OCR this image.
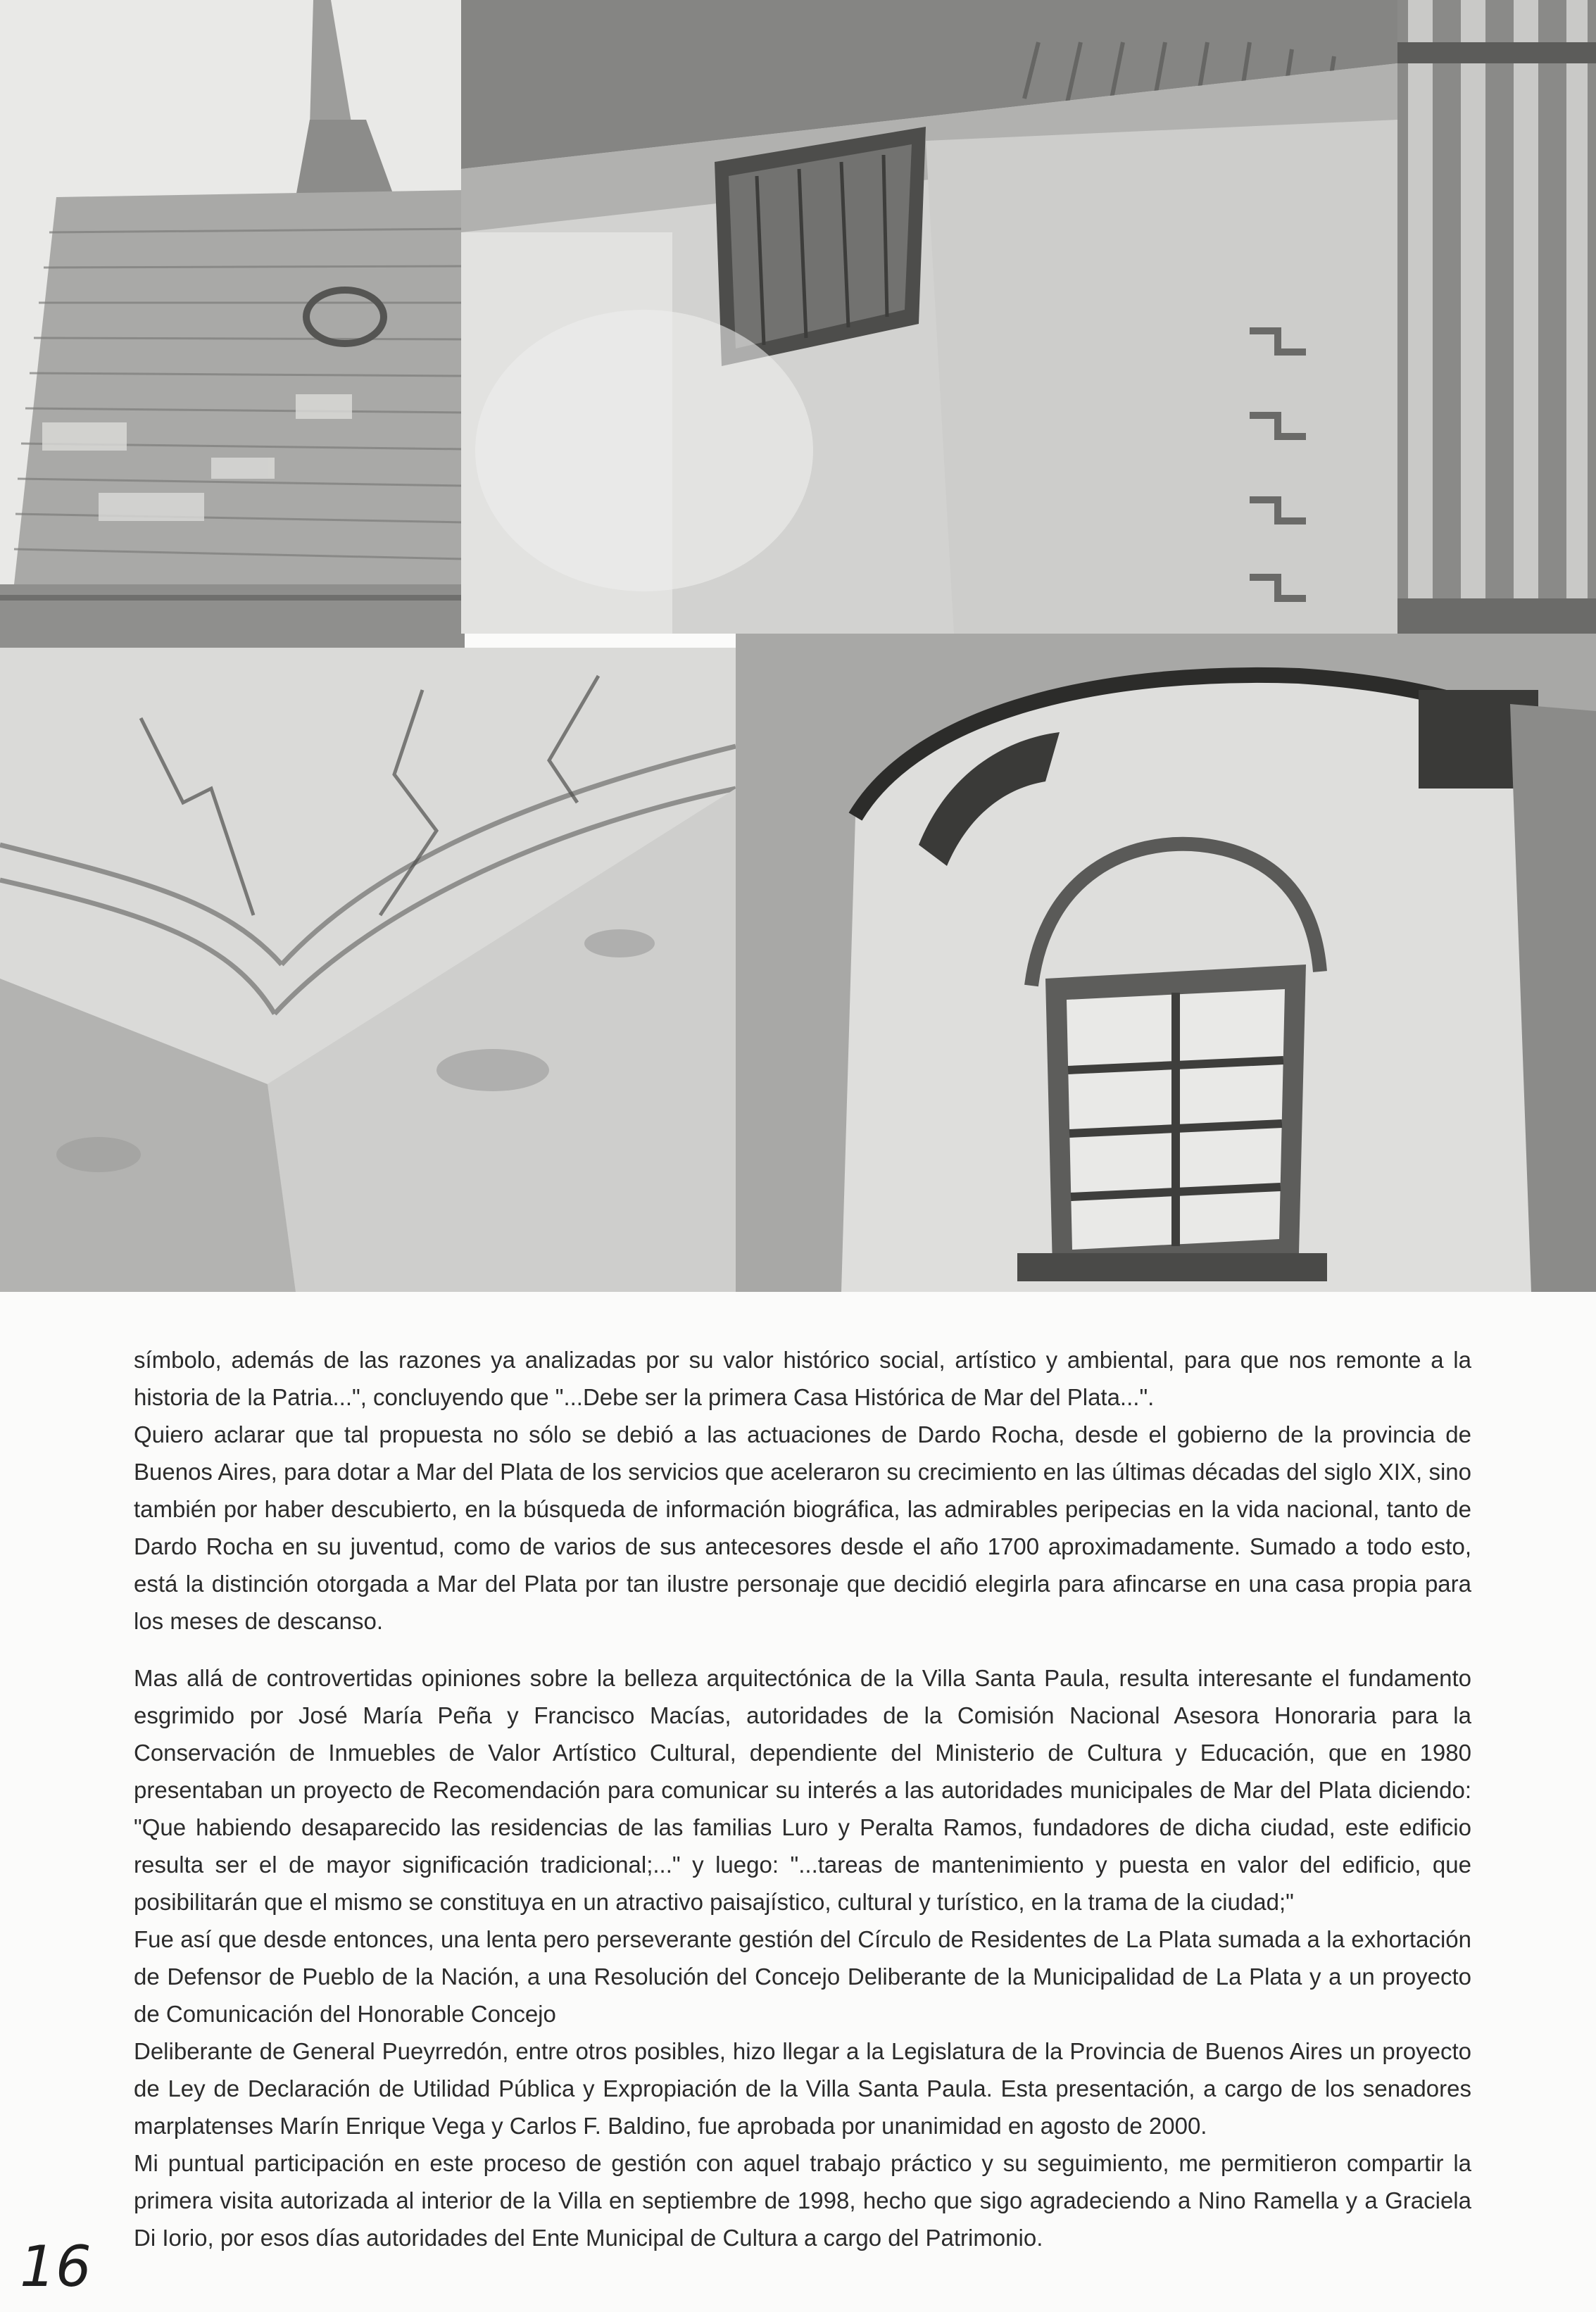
símbolo, además de las razones ya analizadas por su valor histórico social, artístico y ambiental, para que nos remonte a la historia de la Patria...", concluyendo que "...Debe ser la primera Casa Histórica de Mar del Plata...".

Quiero aclarar que tal propuesta no sólo se debió a las actuaciones de Dardo Rocha, desde el gobierno de la provincia de Buenos Aires, para dotar a Mar del Plata de los servicios que aceleraron su crecimiento en las últimas décadas del siglo XIX, sino también por haber descubierto, en la búsqueda de información biográfica, las admirables peripecias en la vida nacional, tanto de Dardo Rocha en su juventud, como de varios de sus antecesores desde el año 1700 aproximadamente. Sumado a todo esto, está la distinción otorgada a Mar del Plata por tan ilustre personaje que decidió elegirla para afincarse en una casa propia para los meses de descanso.

Mas allá de controvertidas opiniones sobre la belleza arquitectónica de la Villa Santa Paula, resulta interesante el fundamento esgrimido por José María Peña y Francisco Macías, autoridades de la Comisión Nacional Asesora Honoraria para la Conservación de Inmuebles de Valor Artístico Cultural, dependiente del Ministerio de Cultura y Educación, que en 1980 presentaban un proyecto de Recomendación para comunicar su interés a las autoridades municipales de Mar del Plata diciendo: "Que habiendo desaparecido las residencias de las familias Luro y Peralta Ramos, fundadores de dicha ciudad, este edificio resulta ser el de mayor significación tradicional;..." y luego: "...tareas de mantenimiento y puesta en valor del edificio, que posibilitarán que el mismo se constituya en un atractivo paisajístico, cultural y turístico, en la trama de la ciudad;"

Fue así que desde entonces, una lenta pero perseverante gestión del Círculo de Residentes de La Plata sumada a la exhortación de Defensor de Pueblo de la Nación, a una Resolución del Concejo Deliberante de la Municipalidad de La Plata y a un proyecto de Comunicación del Honorable Concejo

Deliberante de General Pueyrredón, entre otros posibles, hizo llegar a la Legislatura de la Provincia de Buenos Aires un proyecto de Ley de Declaración de Utilidad Pública y Expropiación de la Villa Santa Paula. Esta presentación, a cargo de los senadores marplatenses Marín Enrique Vega y Carlos F. Baldino, fue aprobada por unanimidad en agosto de 2000.

Mi puntual participación en este proceso de gestión con aquel trabajo práctico y su seguimiento, me permitieron compartir la primera visita autorizada al interior de la Villa en septiembre de 1998, hecho que sigo agradeciendo a Nino Ramella y a Graciela Di Iorio, por esos días autoridades del Ente Municipal de Cultura a cargo del Patrimonio.

16
